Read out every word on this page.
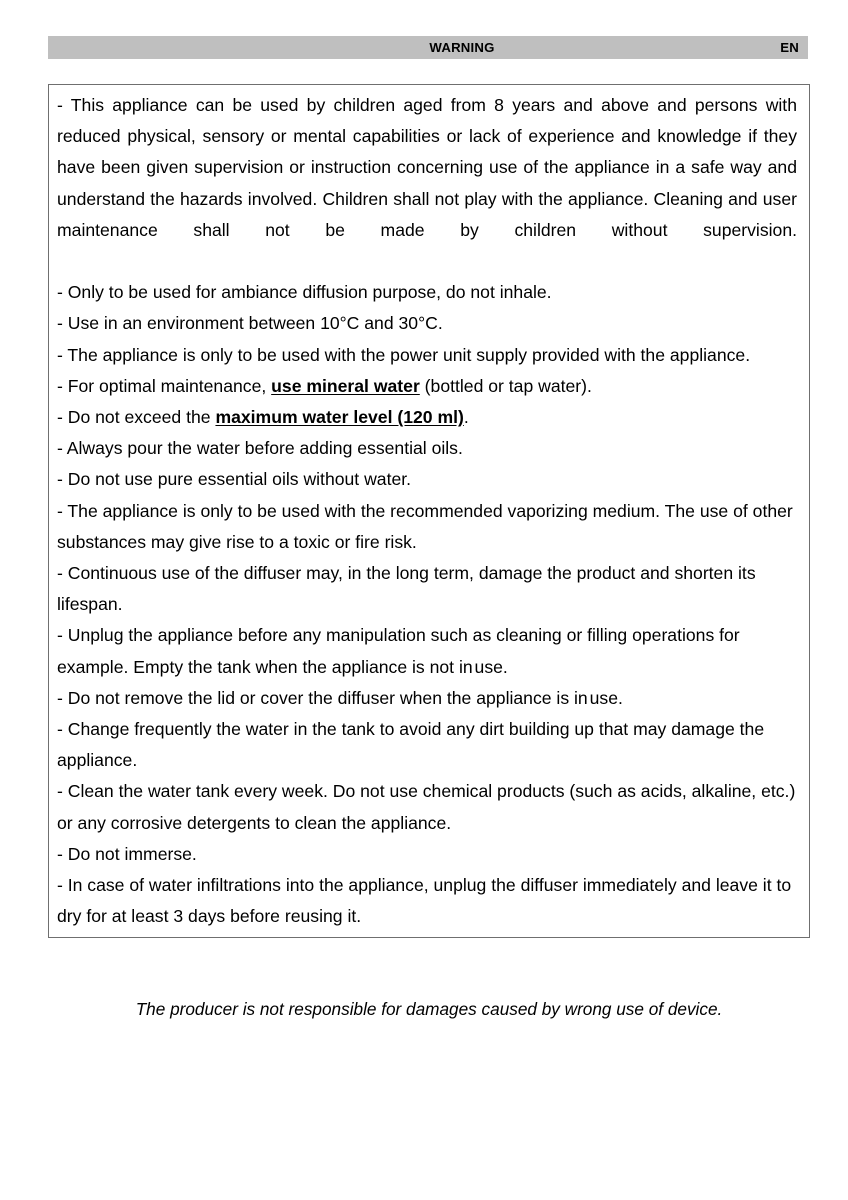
WARNING	EN

- This appliance can be used by children aged from 8 years and above and persons with reduced physical, sensory or mental capabilities or lack of experience and knowledge if they have been given supervision or instruction concerning use of the appliance in a safe way and understand the hazards involved. Children shall not play with the appliance. Cleaning and user maintenance shall not be made by children without supervision.

- Only to be used for ambiance diffusion purpose, do not inhale.

- Use in an environment between 10°C and 30°C.

- The appliance is only to be used with the power unit supply provided with the appliance.

- For optimal maintenance, use mineral water (bottled or tap water).

- Do not exceed the maximum water level (120 ml).

- Always pour the water before adding essential oils.

- Do not use pure essential oils without water.

- The appliance is only to be used with the recommended vaporizing medium. The use of other substances may give rise to a toxic or fire risk.

- Continuous use of the diffuser may, in the long term, damage the product and shorten its lifespan.

- Unplug the appliance before any manipulation such as cleaning or filling operations for example. Empty the tank when the appliance is not in use.

- Do not remove the lid or cover the diffuser when the appliance is in use.

- Change frequently the water in the tank to avoid any dirt building up that may damage the appliance.

- Clean the water tank every week. Do not use chemical products (such as acids, alkaline, etc.) or any corrosive detergents to clean the appliance.

- Do not immerse.

- In case of water infiltrations into the appliance, unplug the diffuser immediately and leave it to dry for at least 3 days before reusing it.

The producer is not responsible for damages caused by wrong use of device.
